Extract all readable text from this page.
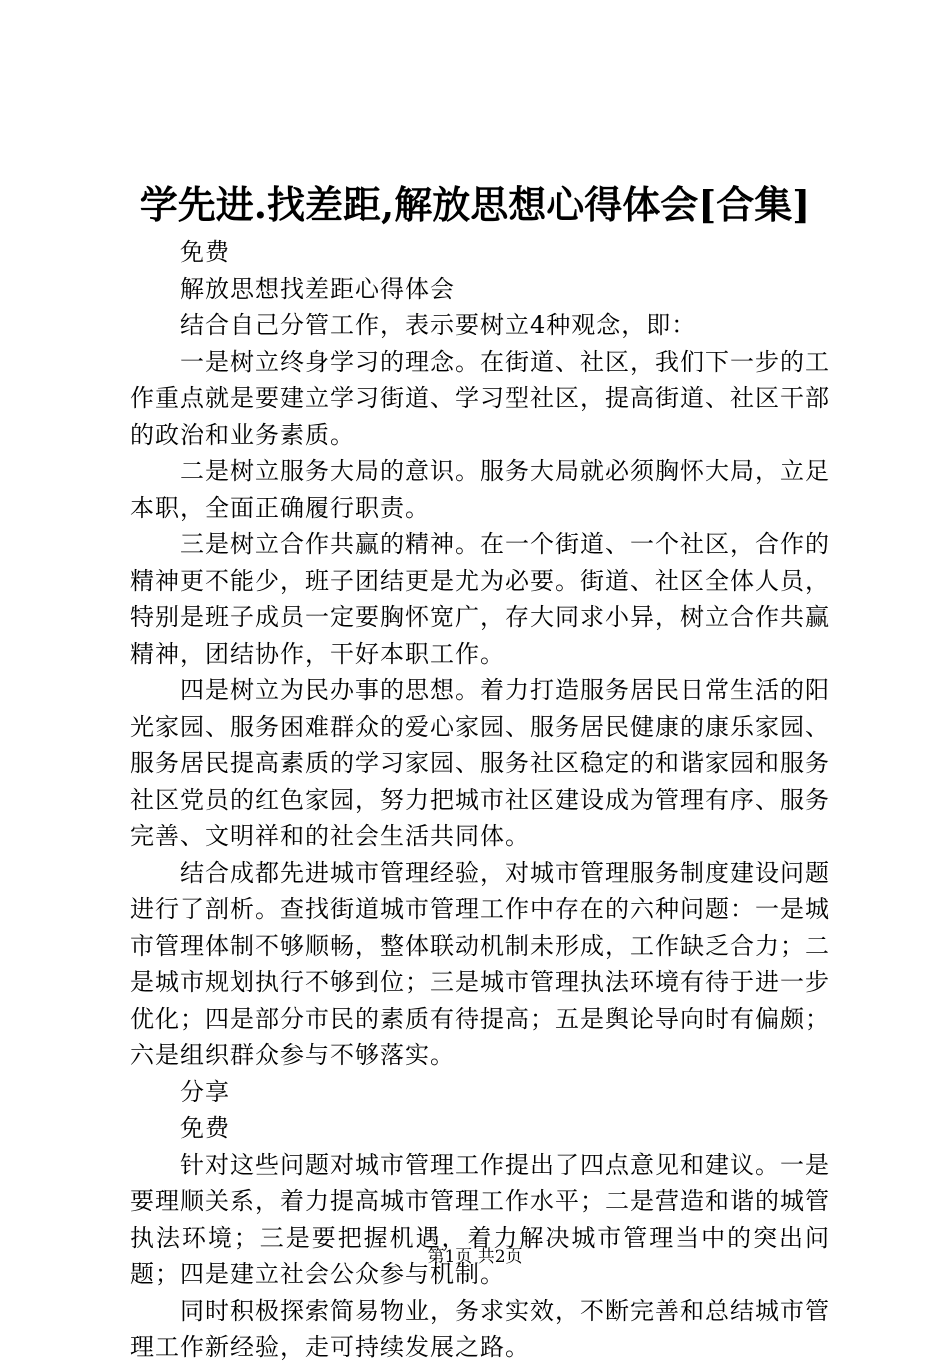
学先进.找差距,解放思想心得体会[合集]

免费

解放思想找差距心得体会

结合自己分管工作，表示要树立4种观念，即：

一是树立终身学习的理念。在街道、社区，我们下一步的工作重点就是要建立学习街道、学习型社区，提高街道、社区干部的政治和业务素质。

二是树立服务大局的意识。服务大局就必须胸怀大局，立足本职，全面正确履行职责。

三是树立合作共赢的精神。在一个街道、一个社区，合作的精神更不能少，班子团结更是尤为必要。街道、社区全体人员，特别是班子成员一定要胸怀宽广，存大同求小异，树立合作共赢精神，团结协作，干好本职工作。

四是树立为民办事的思想。着力打造服务居民日常生活的阳光家园、服务困难群众的爱心家园、服务居民健康的康乐家园、服务居民提高素质的学习家园、服务社区稳定的和谐家园和服务社区党员的红色家园，努力把城市社区建设成为管理有序、服务完善、文明祥和的社会生活共同体。

结合成都先进城市管理经验，对城市管理服务制度建设问题进行了剖析。查找街道城市管理工作中存在的六种问题：一是城市管理体制不够顺畅，整体联动机制未形成，工作缺乏合力；二是城市规划执行不够到位；三是城市管理执法环境有待于进一步优化；四是部分市民的素质有待提高；五是舆论导向时有偏颇；六是组织群众参与不够落实。

分享

免费

针对这些问题对城市管理工作提出了四点意见和建议。一是要理顺关系，着力提高城市管理工作水平；二是营造和谐的城管执法环境；三是要把握机遇，着力解决城市管理当中的突出问题；四是建立社会公众参与机制。

同时积极探索简易物业，务求实效，不断完善和总结城市管理工作新经验，走可持续发展之路。

第1页 共2页
